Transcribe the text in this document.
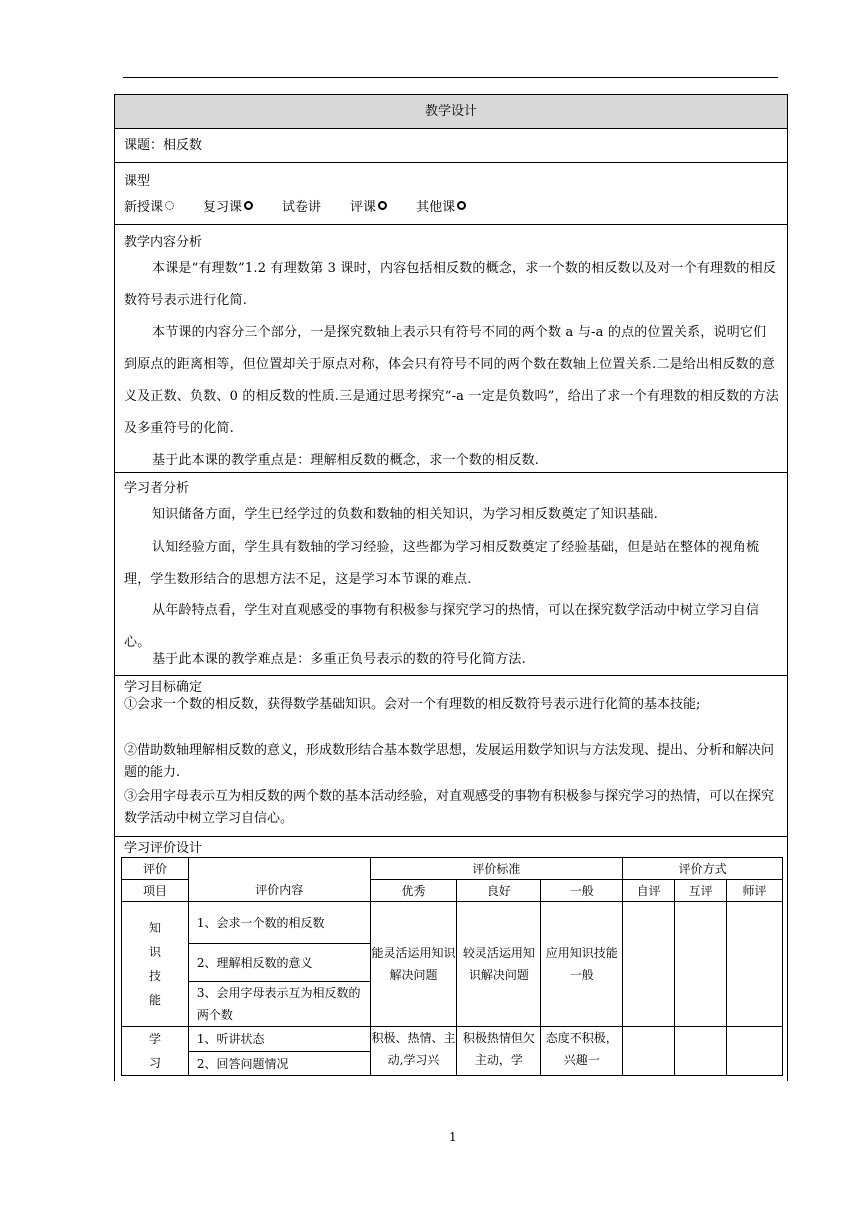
教学设计
课题：相反数
课型
新授课	复习课	试卷讲 评课	其他课
教学内容分析
本课是“有理数”1.2 有理数第 3 课时，内容包括相反数的概念，求一个数的相反数以及对一个有理数的相反数符号表示进行化简.
本节课的内容分三个部分，一是探究数轴上表示只有符号不同的两个数 a 与-a 的点的位置关系，说明它们到原点的距离相等，但位置却关于原点对称，体会只有符号不同的两个数在数轴上位置关系.二是给出相反数的意义及正数、负数、0 的相反数的性质.三是通过思考探究“-a 一定是负数吗”，给出了求一个有理数的相反数的方法及多重符号的化简.
基于此本课的教学重点是：理解相反数的概念，求一个数的相反数.
学习者分析
知识储备方面，学生已经学过的负数和数轴的相关知识，为学习相反数奠定了知识基础.
认知经验方面，学生具有数轴的学习经验，这些都为学习相反数奠定了经验基础，但是站在整体的视角梳理，学生数形结合的思想方法不足，这是学习本节课的难点.
从年龄特点看，学生对直观感受的事物有积极参与探究学习的热情，可以在探究数学活动中树立学习自信心。
基于此本课的教学难点是：多重正负号表示的数的符号化简方法.
学习目标确定
①会求一个数的相反数，获得数学基础知识。会对一个有理数的相反数符号表示进行化简的基本技能;
②借助数轴理解相反数的意义，形成数形结合基本数学思想，发展运用数学知识与方法发现、提出、分析和解决问题的能力.
③会用字母表示互为相反数的两个数的基本活动经验，对直观感受的事物有积极参与探究学习的热情，可以在探究数学活动中树立学习自信心。
学习评价设计
评价	评价内容	评价标准			评价方式		
项目		优秀	良好	一般	自评	互评	师评

知
识
技
能	1、会求一个数的相反数	能灵活运用知识解决问题	较灵活运用知识解决问题	应用知识技能一般			
	2、理解相反数的意义						
	3、会用字母表示互为相反数的两个数						

学
习	1、听讲状态	积极、热情、主动,学习兴	积极热情但欠主动，学	态度不积极，兴趣一			
	2、回答问题情况						
1
